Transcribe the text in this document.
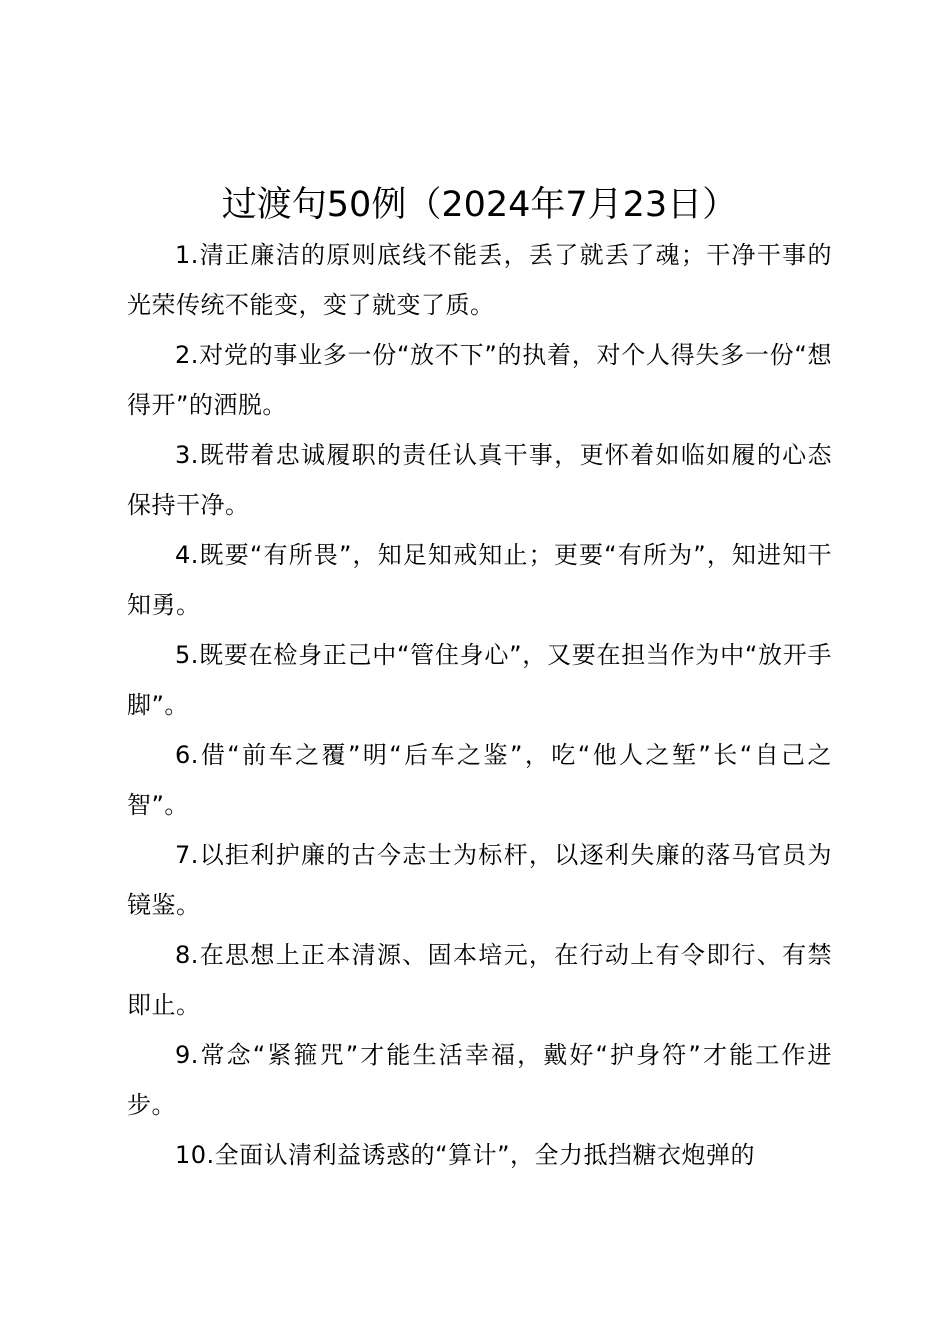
过渡句50例（2024年7月23日）

1.清正廉洁的原则底线不能丢，丢了就丢了魂；干净干事的光荣传统不能变，变了就变了质。

2.对党的事业多一份“放不下”的执着，对个人得失多一份“想得开”的洒脱。

3.既带着忠诚履职的责任认真干事，更怀着如临如履的心态保持干净。

4.既要“有所畏”，知足知戒知止；更要“有所为”，知进知干知勇。

5.既要在检身正己中“管住身心”，又要在担当作为中“放开手脚”。

6.借“前车之覆”明“后车之鉴”，吃“他人之堑”长“自己之智”。

7.以拒利护廉的古今志士为标杆，以逐利失廉的落马官员为镜鉴。

8.在思想上正本清源、固本培元，在行动上有令即行、有禁即止。

9.常念“紧箍咒”才能生活幸福，戴好“护身符”才能工作进步。

10.全面认清利益诱惑的“算计”，全力抵挡糖衣炮弹的
